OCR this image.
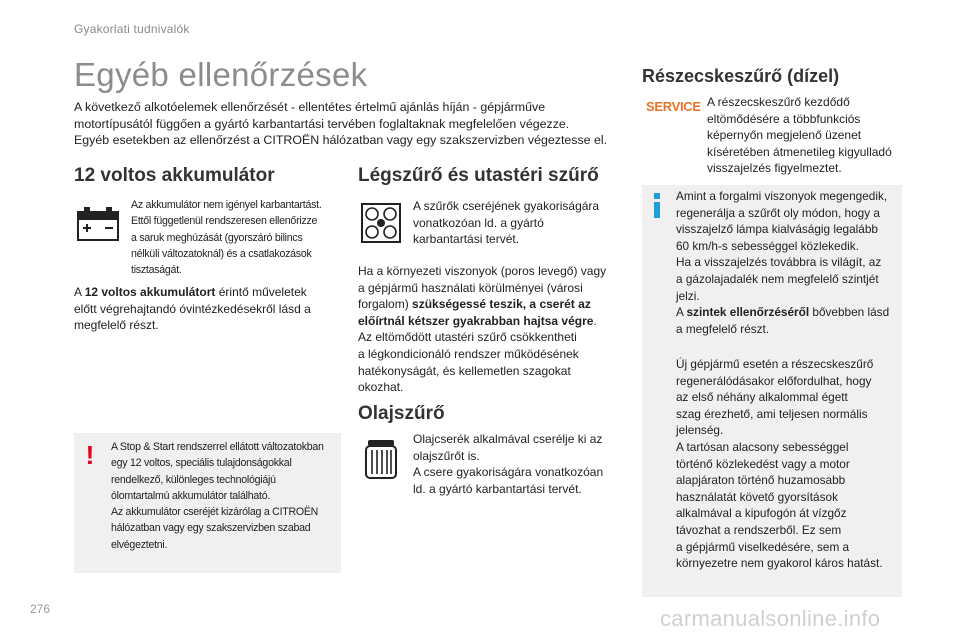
Gyakorlati tudnivalók
Egyéb ellenőrzések
A következő alkotóelemek ellenőrzését - ellentétes értelmű ajánlás híján - gépjárműve
motortípusától függően a gyártó karbantartási tervében foglaltaknak megfelelően végezze.
Egyéb esetekben az ellenőrzést a CITROËN hálózatban vagy egy szakszervizben végeztesse el.
12 voltos akkumulátor
Az akkumulátor nem igényel karbantartást.
Ettől függetlenül rendszeresen ellenőrizze
a saruk meghúzását (gyorszáró bilincs
nélküli változatoknál) és a csatlakozások
tisztaságát.
A 12 voltos akkumulátort érintő műveletek
előtt végrehajtandó óvintézkedésekről lásd a
megfelelő részt.
! A Stop & Start rendszerrel ellátott változatokban
egy 12 voltos, speciális tulajdonságokkal
rendelkező, különleges technológiájú
ólomtartalmú akkumulátor található.
Az akkumulátor cseréjét kizárólag a CITROËN
hálózatban vagy egy szakszervizben szabad
elvégeztetni.
Légszűrő és utastéri szűrő
A szűrők cseréjének gyakoriságára
vonatkozóan ld. a gyártó
karbantartási tervét.
Ha a környezeti viszonyok (poros levegő) vagy
a gépjármű használati körülményei (városi
forgalom) szükségessé teszik, a cserét az
előírtnál kétszer gyakrabban hajtsa végre.
Az eltömődött utastéri szűrő csökkentheti
a légkondicionáló rendszer működésének
hatékonyságát, és kellemetlen szagokat
okozhat.
Olajszűrő
Olajcserék alkalmával cserélje ki az
olajszűrőt is.
A csere gyakoriságára vonatkozóan
ld. a gyártó karbantartási tervét.
Részecskeszűrő (dízel)
SERVICE A részecskeszűrő kezdődő
eltömődésére a többfunkciós
képernyőn megjelenő üzenet
kíséretében átmenetileg kigyulladó
visszajelzés figyelmeztet.
Amint a forgalmi viszonyok megengedik,
regenerálja a szűrőt oly módon, hogy a
visszajelző lámpa kialváságig legalább
60 km/h-s sebességgel közlekedik.
Ha a visszajelzés továbbra is világít, az
a gázolajadalék nem megfelelő szintjét
jelzi.
A szintek ellenőrzéséről bővebben lásd
a megfelelő részt.
Új gépjármű esetén a részecskeszűrő
regenerálódásakor előfordulhat, hogy
az első néhány alkalommal égett
szag érezhető, ami teljesen normális
jelenség.
A tartósan alacsony sebességgel
történő közlekedést vagy a motor
alapjáraton történő huzamosabb
használatát követő gyorsítások
alkalmával a kipufogón át vízgőz
távozhat a rendszerből. Ez sem
a gépjármű viselkedésére, sem a
környezetre nem gyakorol káros hatást.
276	carmanualsonline.info
